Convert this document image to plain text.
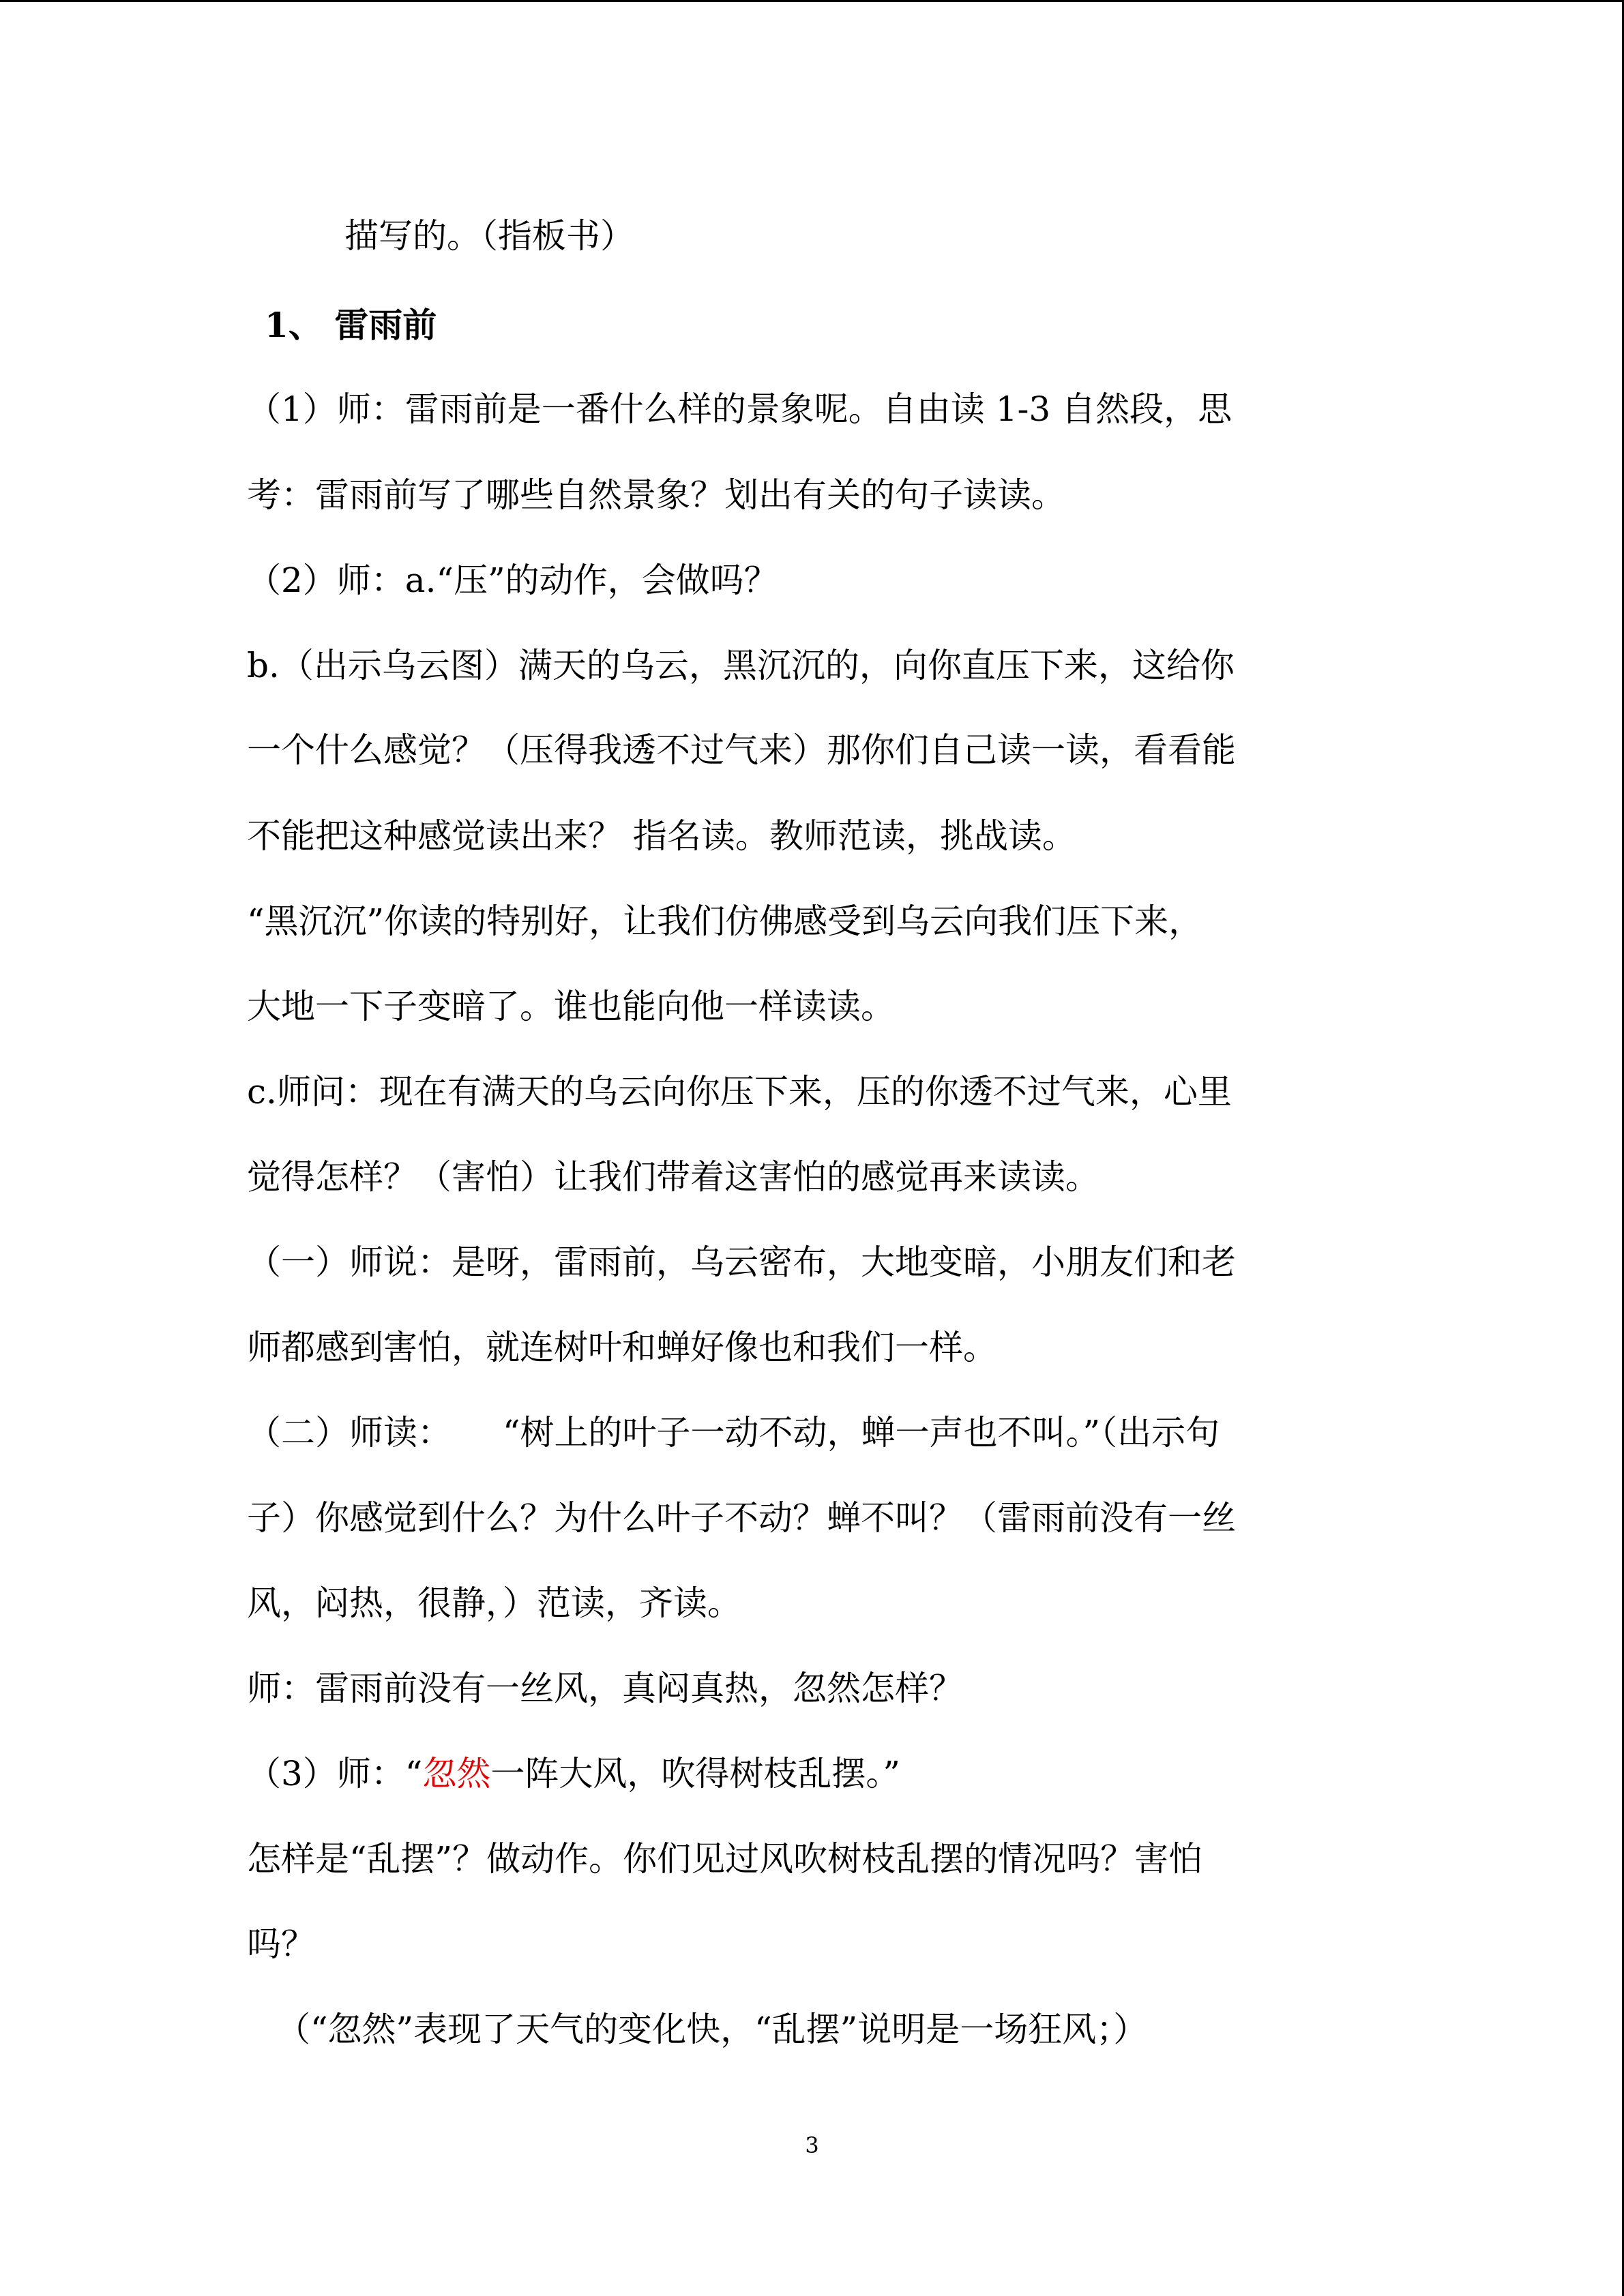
描写的。（指板书）
1、 雷雨前
（1）师：雷雨前是一番什么样的景象呢。自由读 1-3 自然段，思
考：雷雨前写了哪些自然景象？划出有关的句子读读。
（2）师：a.“压”的动作，会做吗？
b.（出示乌云图）满天的乌云，黑沉沉的，向你直压下来，这给你
一个什么感觉？（压得我透不过气来）那你们自己读一读，看看能
不能把这种感觉读出来？ 指名读。教师范读，挑战读。
“黑沉沉”你读的特别好，让我们仿佛感受到乌云向我们压下来，
大地一下子变暗了。谁也能向他一样读读。
c.师问：现在有满天的乌云向你压下来，压的你透不过气来，心里
觉得怎样？（害怕）让我们带着这害怕的感觉再来读读。
（一）师说：是呀，雷雨前，乌云密布，大地变暗，小朋友们和老
师都感到害怕，就连树叶和蝉好像也和我们一样。
（二）师读：　　“树上的叶子一动不动，蝉一声也不叫。”（出示句
子）你感觉到什么？为什么叶子不动？蝉不叫？（雷雨前没有一丝
风，闷热，很静，）范读，齐读。
师：雷雨前没有一丝风，真闷真热，忽然怎样？
（3）师：“忽然一阵大风，吹得树枝乱摆。”
怎样是“乱摆”？做动作。你们见过风吹树枝乱摆的情况吗？害怕
吗？
（“忽然”表现了天气的变化快，“乱摆”说明是一场狂风；）
3
